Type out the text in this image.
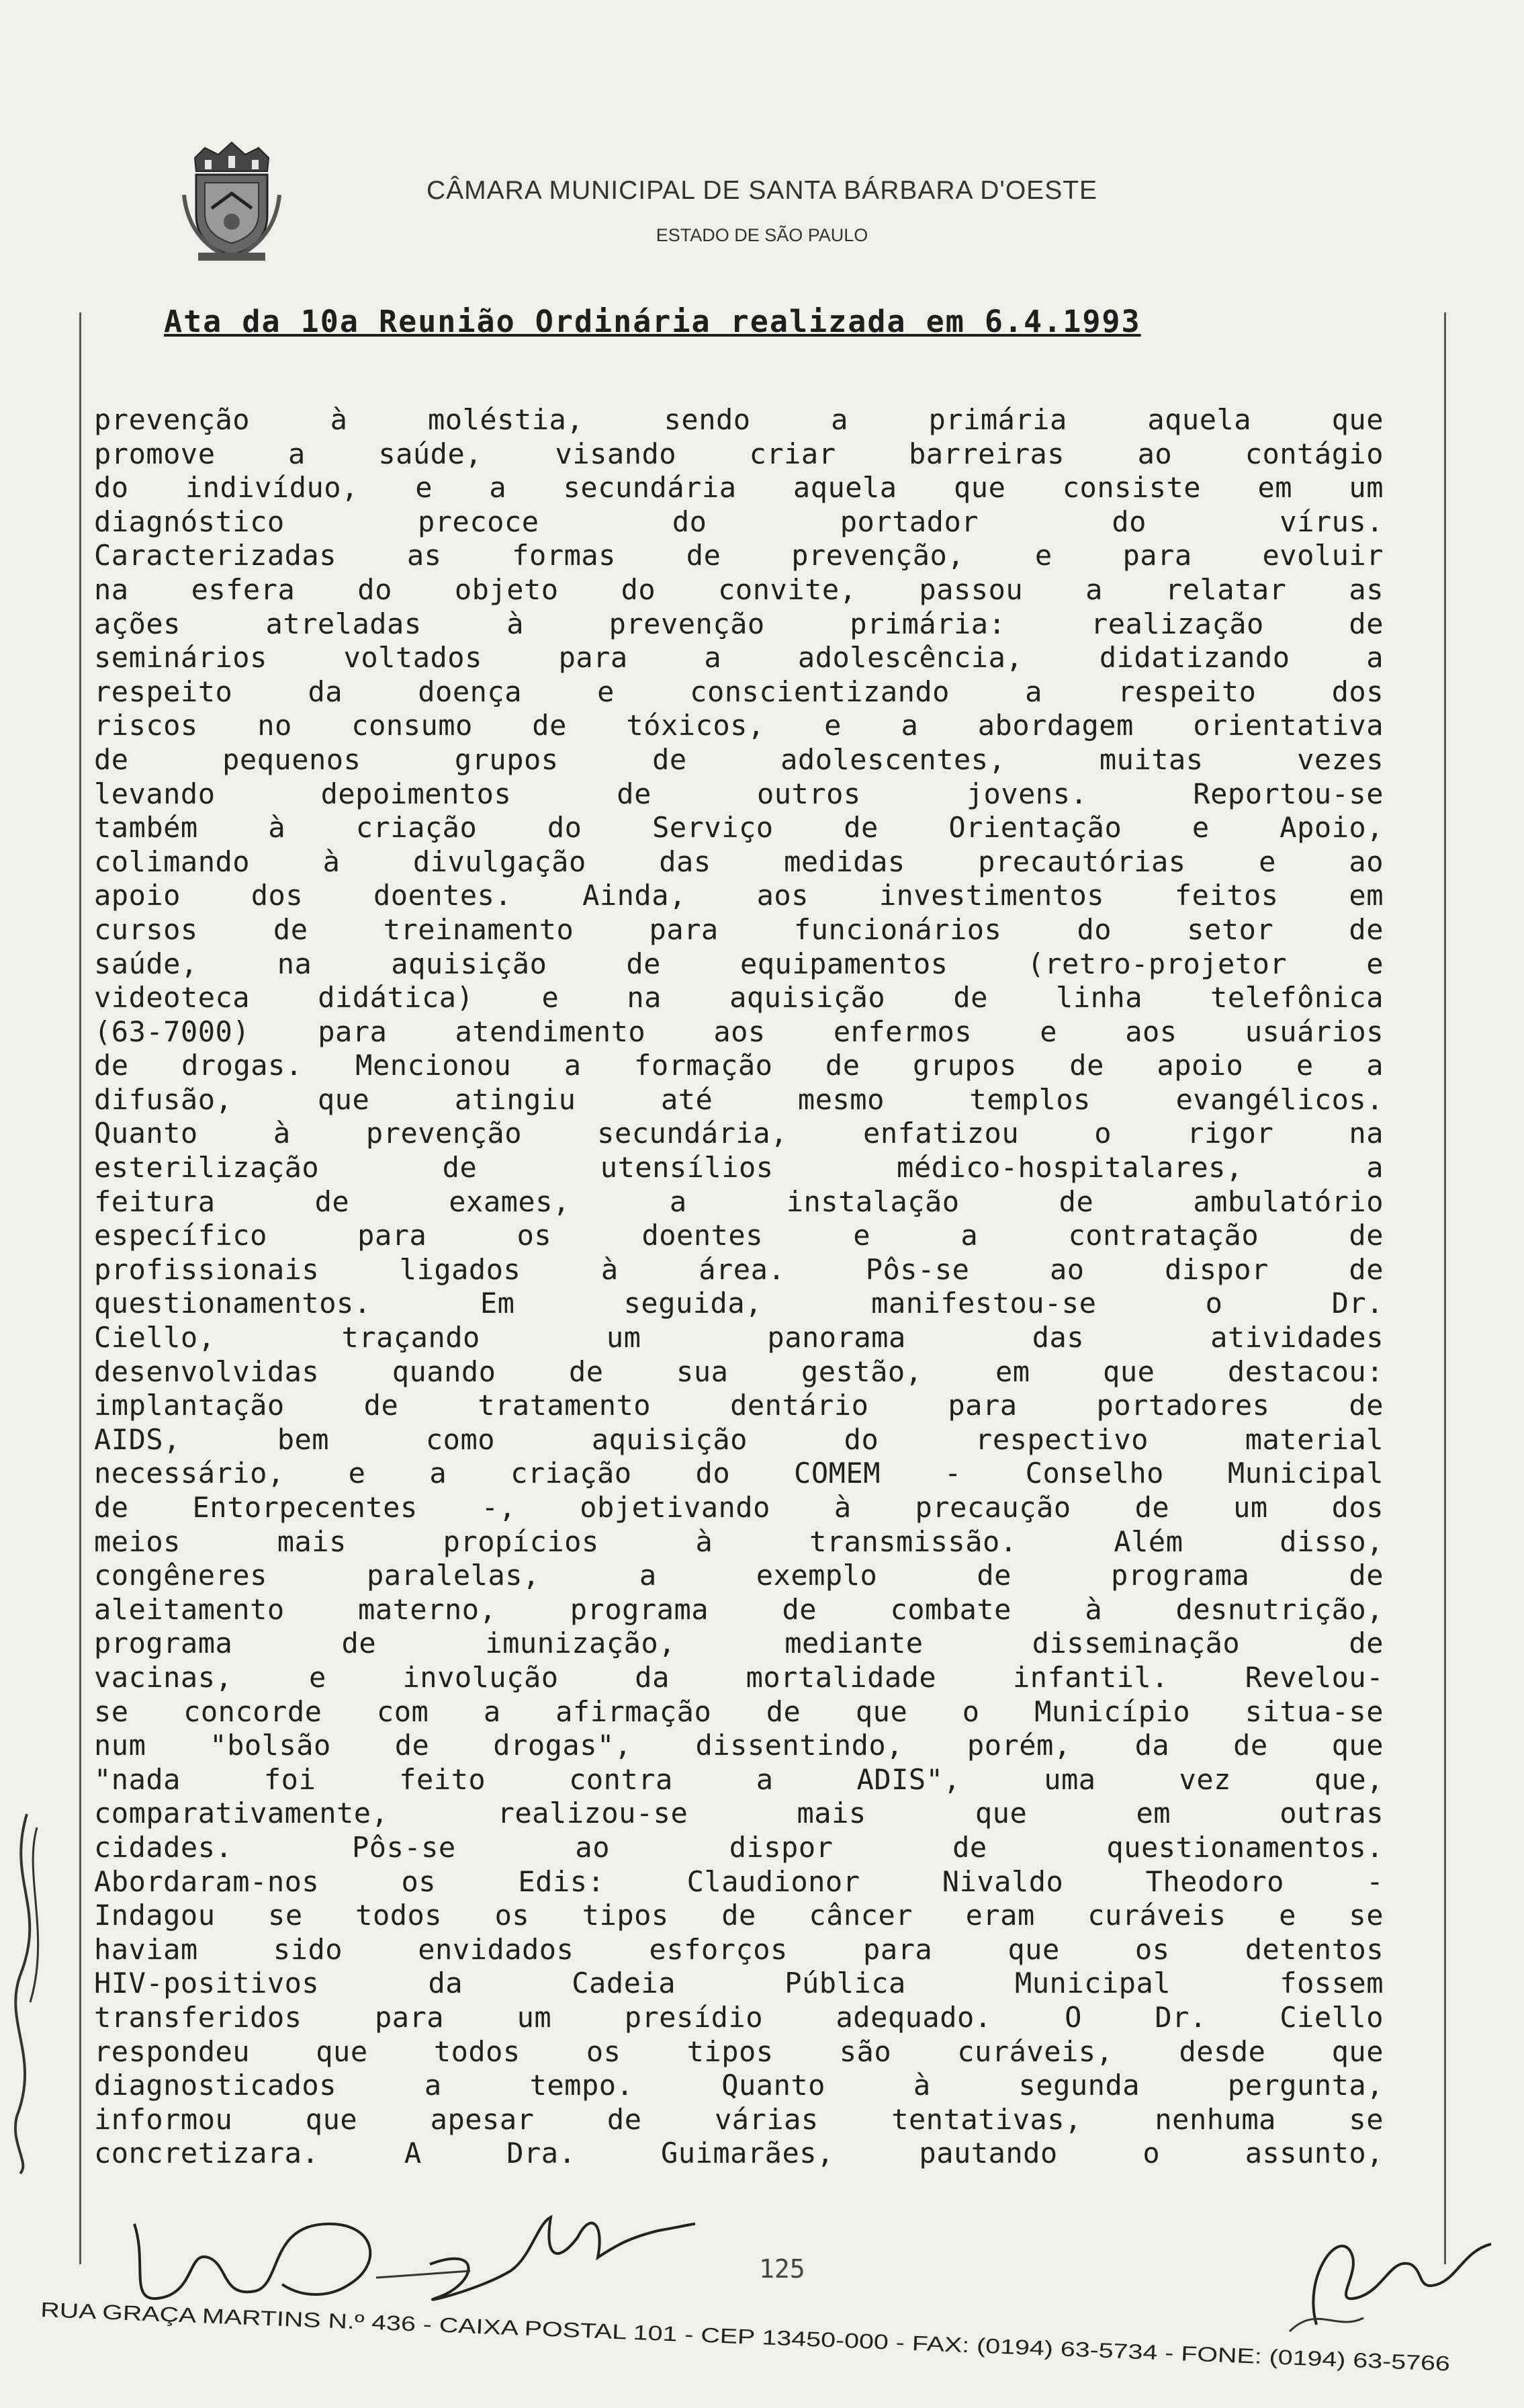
CÂMARA MUNICIPAL DE SANTA BÁRBARA D'OESTE
ESTADO DE SÃO PAULO
Ata da 10a Reunião Ordinária realizada em 6.4.1993
prevenção à moléstia, sendo a primária aquela que
promove a saúde, visando criar barreiras ao contágio
do indivíduo, e a secundária aquela que consiste em um
diagnóstico precoce do portador do vírus.
Caracterizadas as formas de prevenção, e para evoluir
na esfera do objeto do convite, passou a relatar as
ações atreladas à prevenção primária: realização de
seminários voltados para a adolescência, didatizando a
respeito da doença e conscientizando a respeito dos
riscos no consumo de tóxicos, e a abordagem orientativa
de pequenos grupos de adolescentes, muitas vezes
levando depoimentos de outros jovens. Reportou-se
também à criação do Serviço de Orientação e Apoio,
colimando à divulgação das medidas precautórias e ao
apoio dos doentes. Ainda, aos investimentos feitos em
cursos de treinamento para funcionários do setor de
saúde, na aquisição de equipamentos (retro-projetor e
videoteca didática) e na aquisição de linha telefônica
(63-7000) para atendimento aos enfermos e aos usuários
de drogas. Mencionou a formação de grupos de apoio e a
difusão, que atingiu até mesmo templos evangélicos.
Quanto à prevenção secundária, enfatizou o rigor na
esterilização de utensílios médico-hospitalares, a
feitura de exames, a instalação de ambulatório
específico para os doentes e a contratação de
profissionais ligados à área. Pôs-se ao dispor de
questionamentos. Em seguida, manifestou-se o Dr.
Ciello, traçando um panorama das atividades
desenvolvidas quando de sua gestão, em que destacou:
implantação de tratamento dentário para portadores de
AIDS, bem como aquisição do respectivo material
necessário, e a criação do COMEM - Conselho Municipal
de Entorpecentes -, objetivando à precaução de um dos
meios mais propícios à transmissão. Além disso,
congêneres paralelas, a exemplo de programa de
aleitamento materno, programa de combate à desnutrição,
programa de imunização, mediante disseminação de
vacinas, e involução da mortalidade infantil. Revelou-
se concorde com a afirmação de que o Município situa-se
num "bolsão de drogas", dissentindo, porém, da de que
"nada foi feito contra a ADIS", uma vez que,
comparativamente, realizou-se mais que em outras
cidades. Pôs-se ao dispor de questionamentos.
Abordaram-nos os Edis: Claudionor Nivaldo Theodoro -
Indagou se todos os tipos de câncer eram curáveis e se
haviam sido envidados esforços para que os detentos
HIV-positivos da Cadeia Pública Municipal fossem
transferidos para um presídio adequado. O Dr. Ciello
respondeu que todos os tipos são curáveis, desde que
diagnosticados a tempo. Quanto à segunda pergunta,
informou que apesar de várias tentativas, nenhuma se
concretizara. A Dra. Guimarães, pautando o assunto,
125
RUA GRAÇA MARTINS N.º 436 - CAIXA POSTAL 101 - CEP 13450-000 - FAX: (0194) 63-5734 - FONE: (0194) 63-5766
